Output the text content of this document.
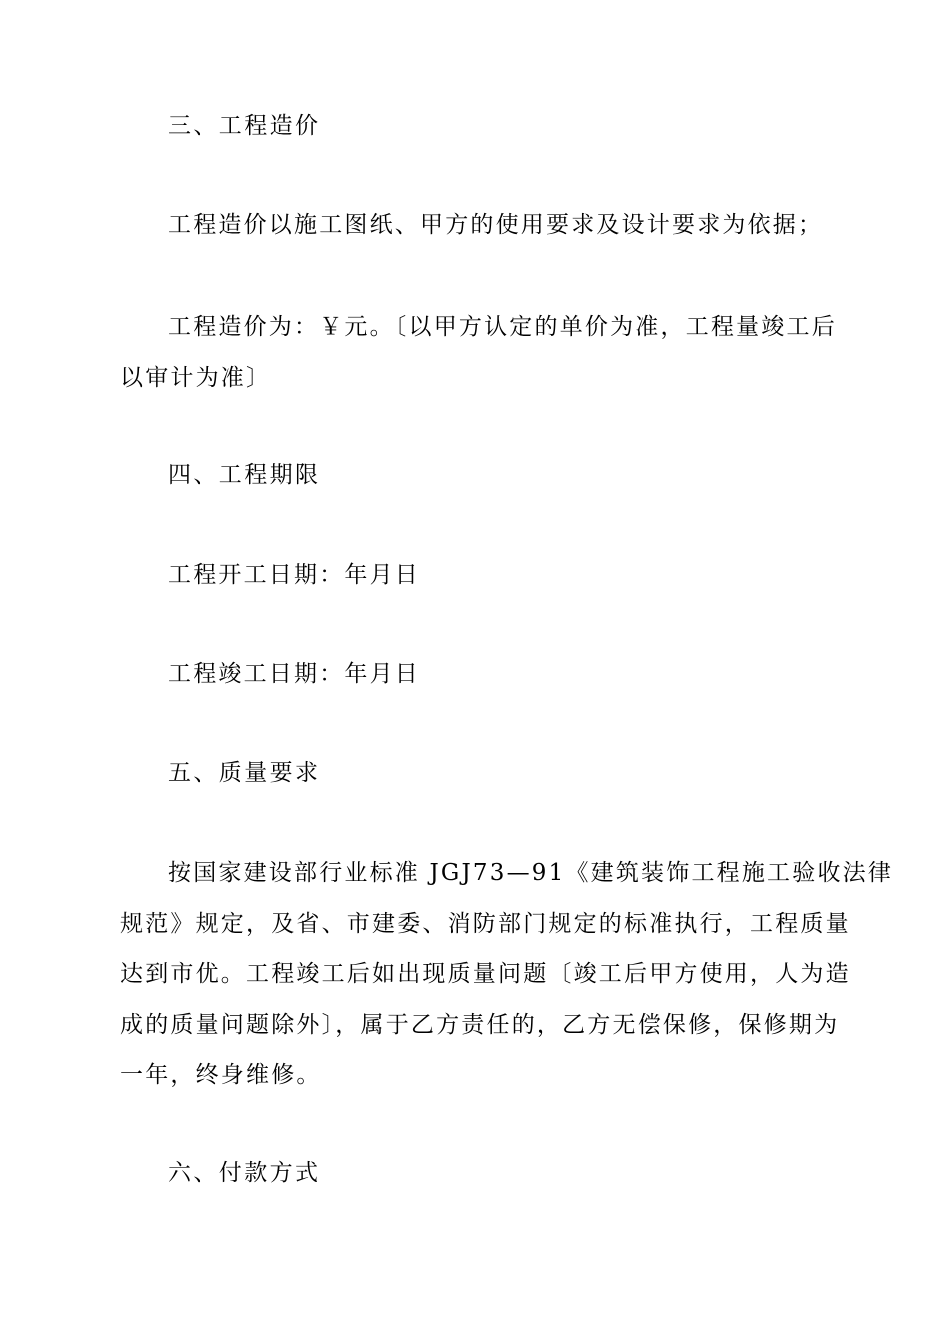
三、工程造价
工程造价以施工图纸、甲方的使用要求及设计要求为依据；
工程造价为：￥元。〔以甲方认定的单价为准，工程量竣工后
以审计为准〕
四、工程期限
工程开工日期：年月日
工程竣工日期：年月日
五、质量要求
按国家建设部行业标准 JGJ73—91《建筑装饰工程施工验收法律
规范》规定，及省、市建委、消防部门规定的标准执行，工程质量
达到市优。工程竣工后如出现质量问题〔竣工后甲方使用，人为造
成的质量问题除外〕，属于乙方责任的，乙方无偿保修，保修期为
一年，终身维修。
六、付款方式
